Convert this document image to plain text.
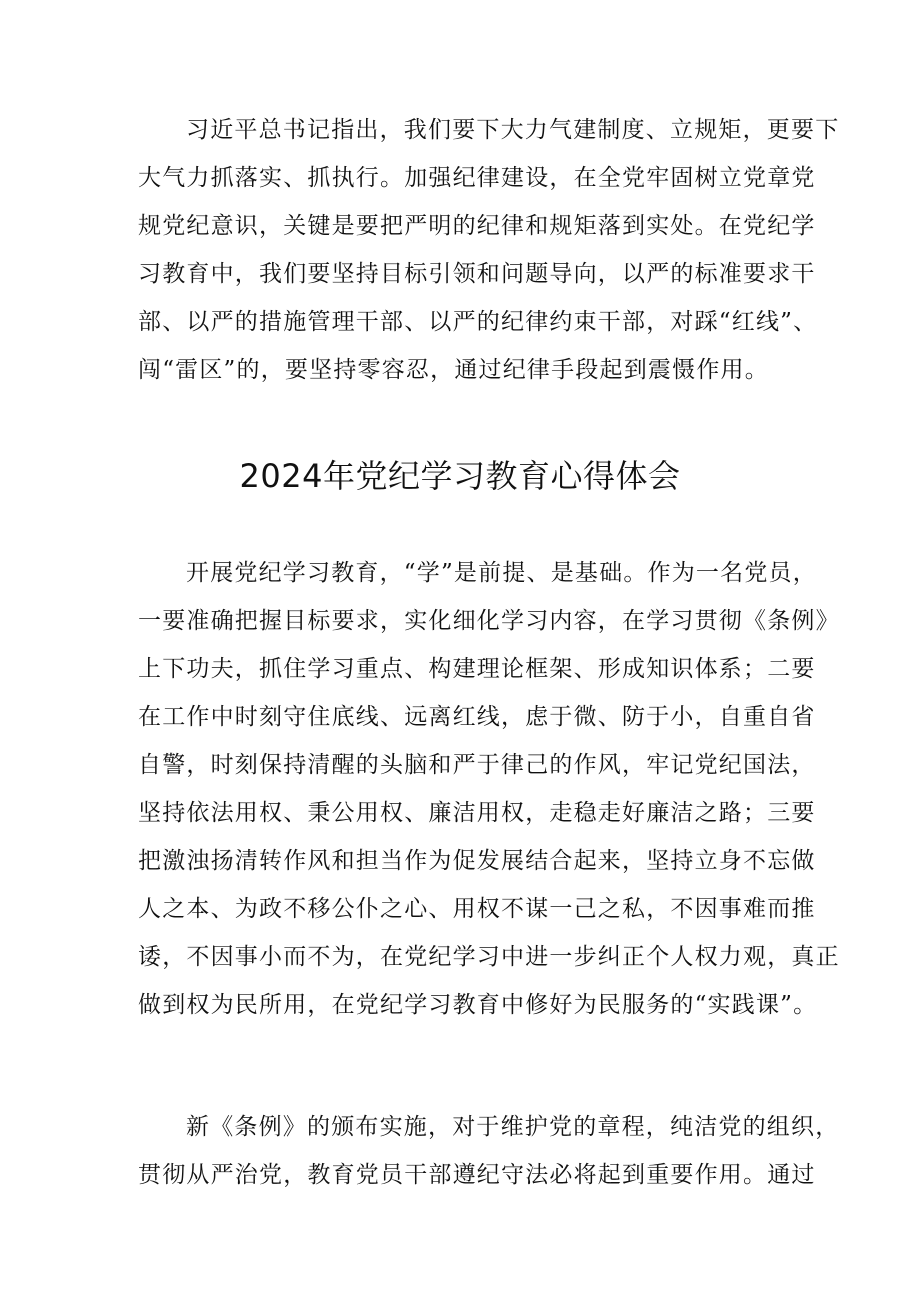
习近平总书记指出，我们要下大力气建制度、立规矩，更要下
大气力抓落实、抓执行。加强纪律建设，在全党牢固树立党章党
规党纪意识，关键是要把严明的纪律和规矩落到实处。在党纪学
习教育中，我们要坚持目标引领和问题导向，以严的标准要求干
部、以严的措施管理干部、以严的纪律约束干部，对踩“红线”、
闯“雷区”的，要坚持零容忍，通过纪律手段起到震慑作用。
2024年党纪学习教育心得体会
开展党纪学习教育，“学”是前提、是基础。作为一名党员，
一要准确把握目标要求，实化细化学习内容，在学习贯彻《条例》
上下功夫，抓住学习重点、构建理论框架、形成知识体系；二要
在工作中时刻守住底线、远离红线，虑于微、防于小，自重自省
自警，时刻保持清醒的头脑和严于律己的作风，牢记党纪国法，
坚持依法用权、秉公用权、廉洁用权，走稳走好廉洁之路；三要
把激浊扬清转作风和担当作为促发展结合起来，坚持立身不忘做
人之本、为政不移公仆之心、用权不谋一己之私，不因事难而推
诿，不因事小而不为，在党纪学习中进一步纠正个人权力观，真正
做到权为民所用，在党纪学习教育中修好为民服务的“实践课”。
新《条例》的颁布实施，对于维护党的章程，纯洁党的组织，
贯彻从严治党，教育党员干部遵纪守法必将起到重要作用。通过
